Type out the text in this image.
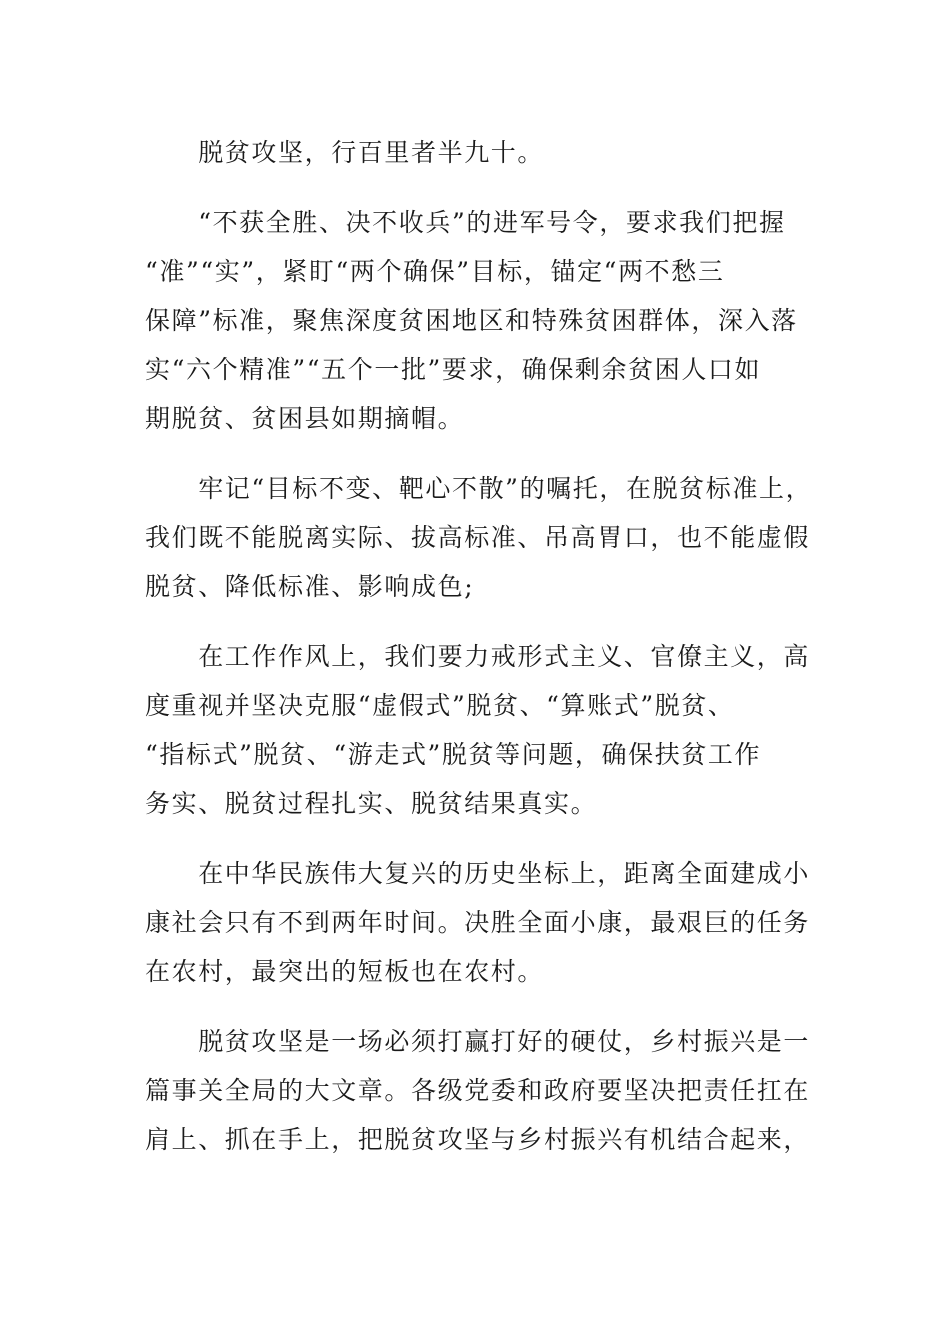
　　脱贫攻坚，行百里者半九十。

　　“不获全胜、决不收兵”的进军号令，要求我们把握
“准”“实”，紧盯“两个确保”目标，锚定“两不愁三
保障”标准，聚焦深度贫困地区和特殊贫困群体，深入落
实“六个精准”“五个一批”要求，确保剩余贫困人口如
期脱贫、贫困县如期摘帽。

　　牢记“目标不变、靶心不散”的嘱托，在脱贫标准上，
我们既不能脱离实际、拔高标准、吊高胃口，也不能虚假
脱贫、降低标准、影响成色;

　　在工作作风上，我们要力戒形式主义、官僚主义，高
度重视并坚决克服“虚假式”脱贫、“算账式”脱贫、
“指标式”脱贫、“游走式”脱贫等问题，确保扶贫工作
务实、脱贫过程扎实、脱贫结果真实。

　　在中华民族伟大复兴的历史坐标上，距离全面建成小
康社会只有不到两年时间。决胜全面小康，最艰巨的任务
在农村，最突出的短板也在农村。

　　脱贫攻坚是一场必须打赢打好的硬仗，乡村振兴是一
篇事关全局的大文章。各级党委和政府要坚决把责任扛在
肩上、抓在手上，把脱贫攻坚与乡村振兴有机结合起来，
